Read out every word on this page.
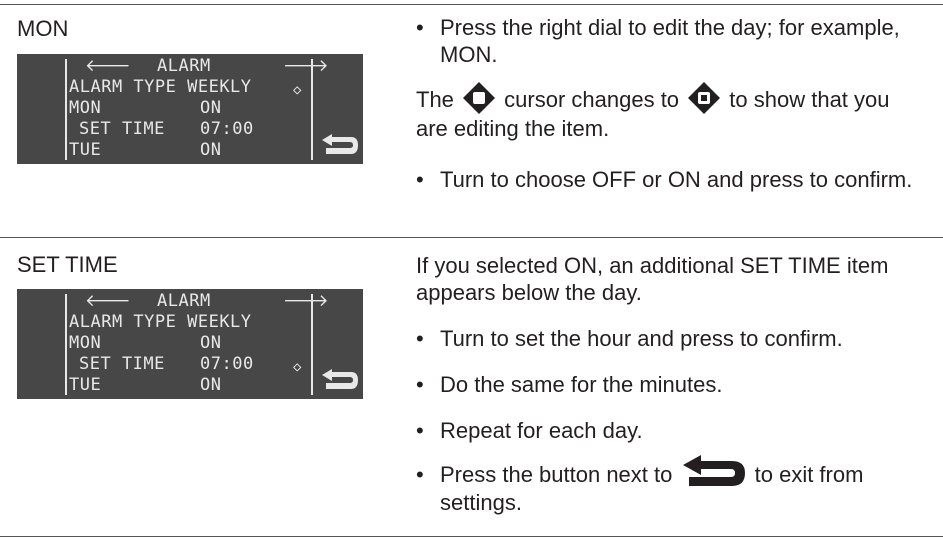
MON
🡐 ALARM	🡒
ALARM TYPE WEEKLY	◇
MON	ON
SET TIME 07:00
TUE	ON
• Press the right dial to edit the day; for example, MON.
The cursor changes to to show that you are editing the item.
• Turn to choose OFF or ON and press to confirm.
SET TIME
🡐 ALARM	🡒
ALARM TYPE WEEKLY
MON	ON
SET TIME 07:00	◇
TUE	ON
If you selected ON, an additional SET TIME item appears below the day.
• Turn to set the hour and press to confirm.
• Do the same for the minutes.
• Repeat for each day.
• Press the button next to	to exit from settings.
